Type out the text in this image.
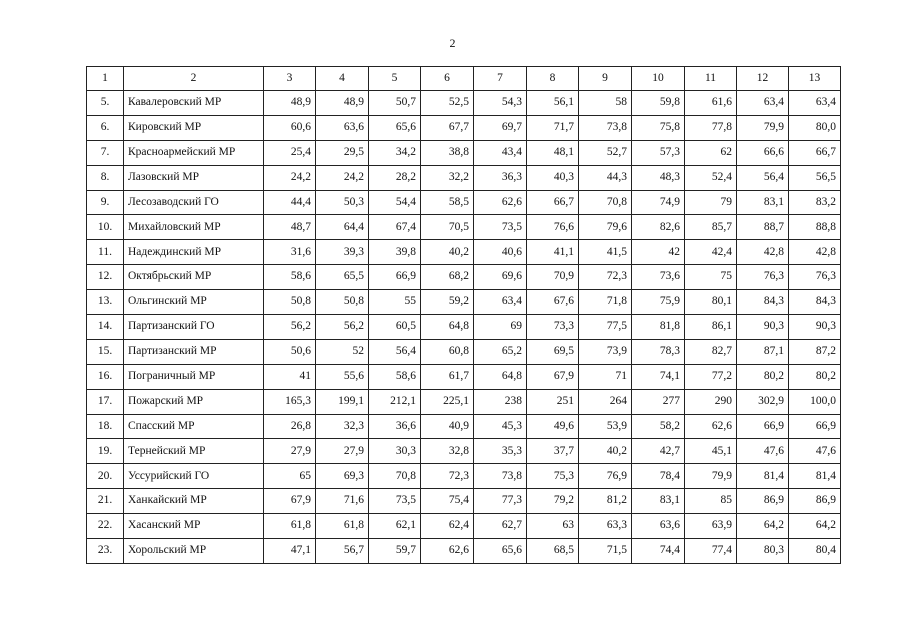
2
1	2	3	4	5	6	7	8	9	10	11	12	13
5.	Кавалеровский МР	48,9	48,9	50,7	52,5	54,3	56,1	58	59,8	61,6	63,4	63,4
6.	Кировский МР	60,6	63,6	65,6	67,7	69,7	71,7	73,8	75,8	77,8	79,9	80,0
7.	Красноармейский МР	25,4	29,5	34,2	38,8	43,4	48,1	52,7	57,3	62	66,6	66,7
8.	Лазовский МР	24,2	24,2	28,2	32,2	36,3	40,3	44,3	48,3	52,4	56,4	56,5
9.	Лесозаводский ГО	44,4	50,3	54,4	58,5	62,6	66,7	70,8	74,9	79	83,1	83,2
10.	Михайловский МР	48,7	64,4	67,4	70,5	73,5	76,6	79,6	82,6	85,7	88,7	88,8
11.	Надеждинский МР	31,6	39,3	39,8	40,2	40,6	41,1	41,5	42	42,4	42,8	42,8
12.	Октябрьский МР	58,6	65,5	66,9	68,2	69,6	70,9	72,3	73,6	75	76,3	76,3
13.	Ольгинский МР	50,8	50,8	55	59,2	63,4	67,6	71,8	75,9	80,1	84,3	84,3
14.	Партизанский ГО	56,2	56,2	60,5	64,8	69	73,3	77,5	81,8	86,1	90,3	90,3
15.	Партизанский МР	50,6	52	56,4	60,8	65,2	69,5	73,9	78,3	82,7	87,1	87,2
16.	Пограничный МР	41	55,6	58,6	61,7	64,8	67,9	71	74,1	77,2	80,2	80,2
17.	Пожарский МР	165,3	199,1	212,1	225,1	238	251	264	277	290	302,9	100,0
18.	Спасский МР	26,8	32,3	36,6	40,9	45,3	49,6	53,9	58,2	62,6	66,9	66,9
19.	Тернейский МР	27,9	27,9	30,3	32,8	35,3	37,7	40,2	42,7	45,1	47,6	47,6
20.	Уссурийский ГО	65	69,3	70,8	72,3	73,8	75,3	76,9	78,4	79,9	81,4	81,4
21.	Ханкайский МР	67,9	71,6	73,5	75,4	77,3	79,2	81,2	83,1	85	86,9	86,9
22.	Хасанский МР	61,8	61,8	62,1	62,4	62,7	63	63,3	63,6	63,9	64,2	64,2
23.	Хорольский МР	47,1	56,7	59,7	62,6	65,6	68,5	71,5	74,4	77,4	80,3	80,4
